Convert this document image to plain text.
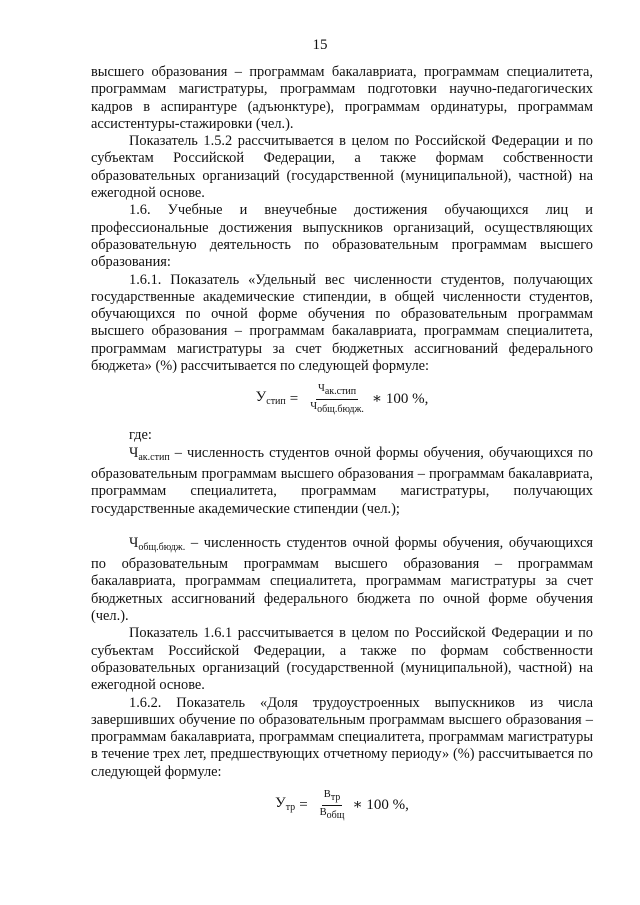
15

высшего образования – программам бакалавриата, программам специалитета, программам магистратуры, программам подготовки научно-педагогических кадров в аспирантуре (адъюнктуре), программам ординатуры, программам ассистентуры-стажировки (чел.).

Показатель 1.5.2 рассчитывается в целом по Российской Федерации и по субъектам Российской Федерации, а также формам собственности образовательных организаций (государственной (муниципальной), частной) на ежегодной основе.

1.6. Учебные и внеучебные достижения обучающихся лиц и профессиональные достижения выпускников организаций, осуществляющих образовательную деятельность по образовательным программам высшего образования:

1.6.1. Показатель «Удельный вес численности студентов, получающих государственные академические стипендии, в общей численности студентов, обучающихся по очной форме обучения по образовательным программам высшего образования – программам бакалавриата, программам специалитета, программам магистратуры за счет бюджетных ассигнований федерального бюджета» (%) рассчитывается по следующей формуле:

$У_{стип} = \frac{\text{Чак.стип}}{\text{Чобщ.бюдж.}}$ ∗ 100 %,

где:

$Ч_{ак.стип}$ – численность студентов очной формы обучения, обучающихся по образовательным программам высшего образования – программам бакалавриата, программам специалитета, программам магистратуры, получающих государственные академические стипендии (чел.);

$Ч_{общ.бюдж.}$ – численность студентов очной формы обучения, обучающихся по образовательным программам высшего образования – программам бакалавриата, программам специалитета, программам магистратуры за счет бюджетных ассигнований федерального бюджета по очной форме обучения (чел.).

Показатель 1.6.1 рассчитывается в целом по Российской Федерации и по субъектам Российской Федерации, а также по формам собственности образовательных организаций (государственной (муниципальной), частной) на ежегодной основе.

1.6.2. Показатель «Доля трудоустроенных выпускников из числа завершивших обучение по образовательным программам высшего образования – программам бакалавриата, программам специалитета, программам магистратуры в течение трех лет, предшествующих отчетному периоду» (%) рассчитывается по следующей формуле:

$У_{тр} = \frac{\text{Втр}}{\text{Вобщ}}$ ∗ 100 %,
